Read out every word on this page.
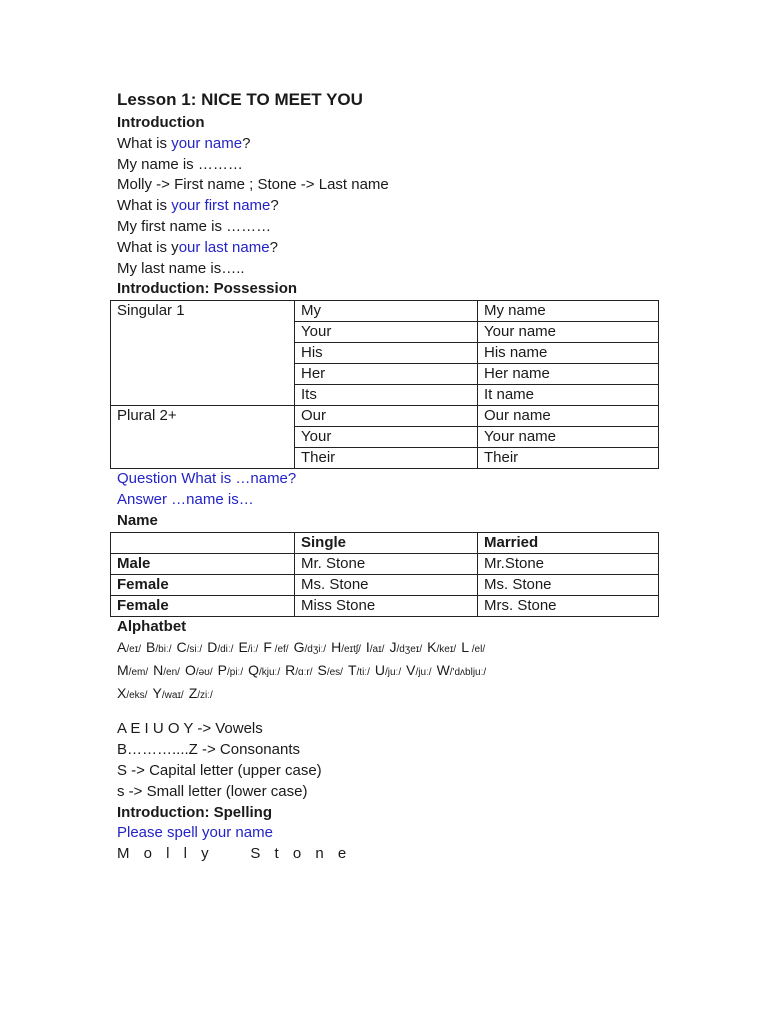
Lesson 1: NICE TO MEET YOU
Introduction
What is your name?
My name is ………
Molly -> First name ; Stone -> Last name
What is your first name?
My first name is ………
What is your last name?
My last name is…..
Introduction: Possession
Singular 1	My	My name
	Your	Your name
	His	His name
	Her	Her name
	Its	It name
Plural 2+	Our	Our name
	Your	Your name
	Their	Their
Question What is …name?
Answer …name is…
Name
	Single	Married
Male	Mr. Stone	Mr.Stone
Female	Ms. Stone	Ms. Stone
Female	Miss Stone	Mrs. Stone
Alphatbet
A/eɪ/ B/biː/ C/siː/ D/diː/ E/iː/ F /ef/ G/dʒiː/ H/eɪtʃ/ I/aɪ/ J/dʒeɪ/ K/keɪ/ L /el/
M/em/ N/en/ O/əʊ/ P/piː/ Q/kjuː/ R/ɑːr/ S/es/ T/tiː/ U/juː/ V/juː/ W/'dʌbljuː/
X/eks/ Y/waɪ/ Z/ziː/
A E I U O Y -> Vowels
B………....Z -> Consonants
S -> Capital letter (upper case)
s -> Small letter (lower case)
Introduction: Spelling
Please spell your name
M o l l y    S t o n e
